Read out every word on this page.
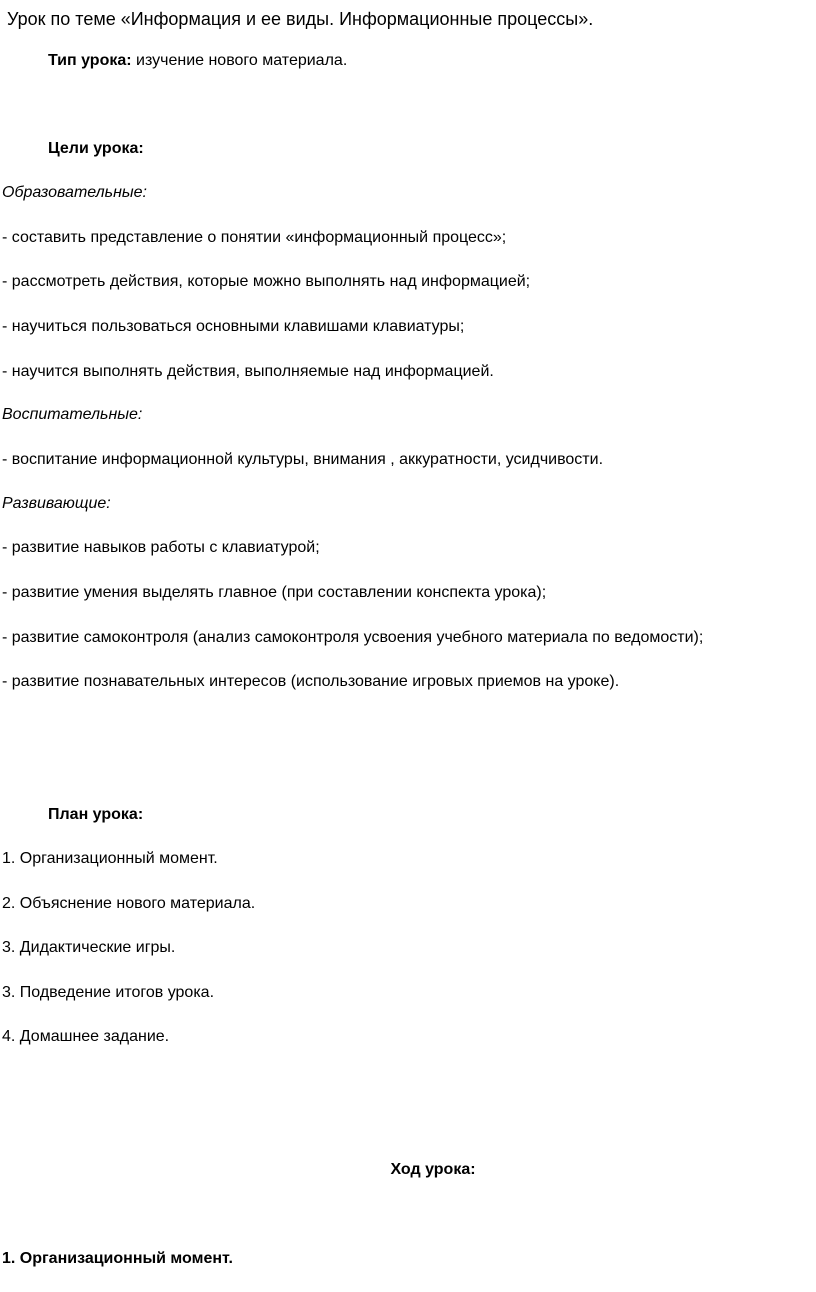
Урок по теме «Информация и ее виды. Информационные процессы».

Тип урока: изучение нового материала.

Цели урока:

Образовательные:

- составить представление о понятии «информационный процесс»;

- рассмотреть действия, которые можно выполнять над информацией;

- научиться пользоваться основными клавишами клавиатуры;

- научится выполнять действия, выполняемые над информацией.

Воспитательные:

- воспитание информационной культуры, внимания , аккуратности, усидчивости.

Развивающие:

- развитие навыков работы с клавиатурой;

- развитие умения выделять главное (при составлении конспекта урока);

- развитие самоконтроля (анализ самоконтроля усвоения учебного материала по ведомости);

- развитие познавательных интересов (использование игровых приемов на уроке).

План урока:

1. Организационный момент.

2. Объяснение нового материала.

3. Дидактические игры.

3. Подведение итогов урока.

4. Домашнее задание.

Ход урока:

1. Организационный момент.
